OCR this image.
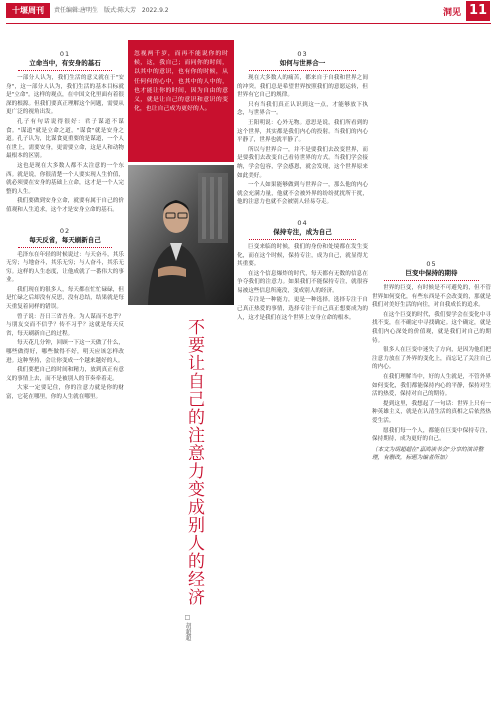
十堰周刊	责任编辑:唐明生 版式:陈大芳 2022.9.2	洞见 11
01
立命当中，有安身的基石

一部分人认为，我们生活的意义就在于"安身"，这一部分人认为，我们生活的基本目标就是"立命"。这样的观点，在中国文化里面有着很深的根源。但我们要真正理解这个问题，需要从更广泛的视角出发。

孔子有句话说得很好：君子谋道不谋食。"谋道"就是立命之道，"谋食"就是安身之道。孔子认为，比谋食更重要的是谋道，一个人在世上，需要安身，更需要立命，这是人和动物最根本的区别。

这也是现在大多数人都不太注意的一个东西。就是说，你很清楚一个人要实现人生价值，就必须要在安身的基础上立命，这才是一个人完整的人生。

我们要做到安身立命，就要有属于自己的价值观和人生追求，这个才是安身立命的基石。

02
每天反省，每天刷新自己

毛泽东在年轻的时候说过：与天奋斗，其乐无穷；与地奋斗，其乐无穷；与人奋斗，其乐无穷。这样的人生态度，让他成就了一番伟大的事业。

我们现在的很多人，每天都在忙忙碌碌，但是忙碌之后却没有反思，没有总结，结果就是每天重复着同样的错误。

曾子说：吾日三省吾身。为人谋而不忠乎？与朋友交而不信乎？传不习乎？这就是每天反省，每天刷新自己的过程。

每天花几分钟，回顾一下这一天做了什么，哪些做得好，哪些做得不好，明天应该怎样改进。这种坚持，会让你变成一个越来越好的人。

我们要把自己的时间和精力，放到真正有意义的事情上去，而不是被别人的节奏牵着走。

大家一定要记住，你的注意力就是你的财富，它花在哪里，你的人生就在哪里。

忽视两千岁，而再不能说你的时候，这，我自己；而同你的时间，以其中的意识，也有你的时候，从任何何的心中，也其中的人中的，也才能让你的时间，因为自由的意义，就是让自己的意识和意识的变化，也让自己成为更好的人。

不要让自己的注意力变成别人的经济
□ 胡超超
03
如何与世界合一

现在大多数人的痛苦，都来自于自我和世界之间的冲突。我们总是希望世界按照我们的意愿运转，但世界有它自己的规律。

只有当我们真正认识到这一点，才能够放下执念，与世界合一。

王阳明说：心外无物。意思是说，我们所看到的这个世界，其实都是我们内心的投射。当我们的内心平静了，世界也就平静了。

所以与世界合一，并不是要我们去改变世界，而是要我们去改变自己看待世界的方式。当我们学会接纳，学会包容，学会感恩，就会发现，这个世界原来如此美好。

一个人如果能够做到与世界合一，那么他的内心就会充满力量，他就不会被外界的纷纷扰扰所干扰，他的注意力也就不会被别人轻易夺走。

04
保持专注，成为自己

巨变来临的时候，我们的身份和处境都在发生变化，而在这个时候，保持专注，成为自己，就显得尤其重要。

在这个信息爆炸的时代，每天都有无数的信息在争夺我们的注意力。如果我们不能保持专注，就很容易被这些信息所淹没，变成别人的经济。

专注是一种能力，更是一种选择。选择专注于自己真正热爱的事情，选择专注于自己真正想要成为的人，这才是我们在这个世界上安身立命的根本。

05
巨变中保持的期待

世界的巨变，有时候是不可避免的，但不管世界如何变化，有些东西是不会改变的，那就是我们对美好生活的向往，对自我成长的追求。

在这个巨变的时代，我们要学会在变化中寻找不变，在不确定中寻找确定。这个确定，就是我们内心深处的价值观，就是我们对自己的期待。

很多人在巨变中迷失了方向，是因为他们把注意力放在了外界的变化上，而忘记了关注自己的内心。

在我们理解当中，好的人生就是，不管外界如何变化，我们都能保持内心的平静，保持对生活的热爱，保持对自己的期待。

提到这里，我想起了一句话：世界上只有一种英雄主义，就是在认清生活的真相之后依然热爱生活。

愿我们每一个人，都能在巨变中保持专注，保持期待，成为更好的自己。

（本文为胡超超在"嘉鸿读书会"分享的演讲整理，有删改，标题为编者所加）
